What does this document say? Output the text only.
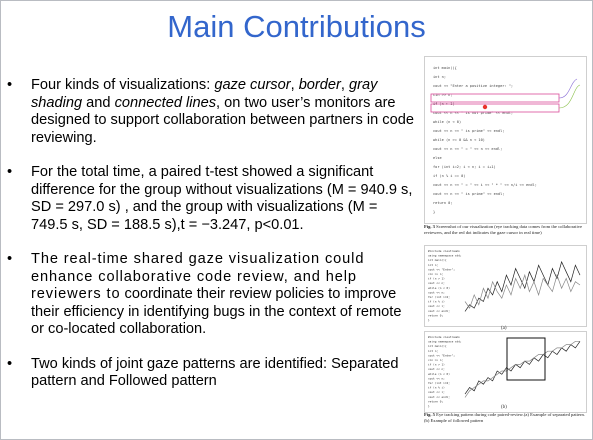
Main Contributions
• Four kinds of visualizations: gaze cursor, border, gray shading and connected lines, on two user’s monitors are designed to support collaboration between partners in code reviewing.
• For the total time, a paired t-test showed a significant difference for the group without visualizations (M = 940.9 s, SD = 297.0 s) , and the group with visualizations (M = 749.5 s, SD = 188.5 s),t = −3.247, p<0.01.
• The real-time shared gaze visualization could enhance collaborative code review, and help reviewers to coordinate their review policies to improve their efficiency in identifying bugs in the context of remote or co-located collaboration.
• Two kinds of joint gaze patterns are identified: Separated pattern and Followed pattern
int main(){
int n;
cout << "Enter a positive integer: ";
cin >> n;
if (n > 1)
cout << n << " is not prime" << endl;
while (n < 0)
cout << n << " is prime" << endl;
while (n >= 0 && n < 10)
cout << n << " = " << n << endl;
else
for (int i=2; i < n; i = i+1)
if (n % i == 0)
cout << n << " = " << i << " * " << n/i << endl;
cout << n << " is prime" << endl;
return 0;
}
Fig. 3 Screenshot of our visualization (eye tracking data comes from the collaborative reviewers, and the red dot indicates the gaze cursor in real time)
#include <iostream>
using namespace std;
int main(){
int n;
cout << "Enter";
cin >> n;
if (n > 1)
cout << n;
while (n < 0)
cout << n;
for (int i=2;
if (n % i)
cout << i;
cout << endl;
return 0;
}
(a)
#include <iostream>
using namespace std;
int main(){
int n;
cout << "Enter";
cin >> n;
if (n > 1)
cout << n;
while (n < 0)
cout << n;
for (int i=2;
if (n % i)
cout << i;
cout << endl;
return 0;
}	(b)
Fig. 5 Eye tracking pattern during code paired-review.(a) Example of separated pattern.(b) Example of followed pattern
